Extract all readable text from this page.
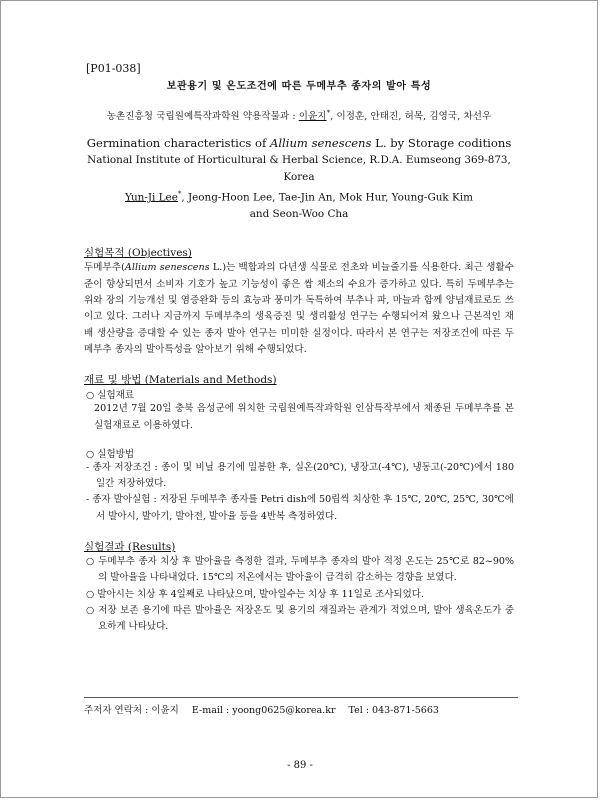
[P01-038]
보관용기 및 온도조건에 따른 두메부추 종자의 발아 특성
농촌진흥청 국립원예특작과학원 약용작물과 : 이윤지*, 이정훈, 안태진, 허목, 김영국, 차선우
Germination characteristics of Allium senescens L. by Storage coditions
National Institute of Horticultural & Herbal Science, R.D.A. Eumseong 369-873, Korea
Yun-Ji Lee*, Jeong-Hoon Lee, Tae-Jin An, Mok Hur, Young-Guk Kim
and Seon-Woo Cha
실험목적 (Objectives)
두메부추(Allium senescens L.)는 백합과의 다년생 식물로 전초와 비늘줄기를 식용한다. 최근 생활수준이 향상되면서 소비자 기호가 높고 기능성이 좋은 쌈 채소의 수요가 증가하고 있다. 특히 두메부추는 위와 장의 기능개선 및 염증완화 등의 효능과 풍미가 독특하여 부추나 파, 마늘과 함께 양념재료로도 쓰이고 있다. 그러나 지금까지 두메부추의 생육증진 및 생리활성 연구는 수행되어져 왔으나 근본적인 재배 생산량을 증대할 수 있는 종자 발아 연구는 미미한 실정이다. 따라서 본 연구는 저장조건에 따른 두메부추 종자의 발아특성을 알아보기 위해 수행되었다.
재료 및 방법 (Materials and Methods)
○ 실험재료
2012년 7월 20일 충북 음성군에 위치한 국립원예특작과학원 인삼특작부에서 채종된 두메부추를 본 실험재료로 이용하였다.
○ 실험방법
- 종자 저장조건 : 종이 및 비닐 용기에 밀봉한 후, 실온(20℃), 냉장고(-4℃), 냉동고(-20℃)에서 180일간 저장하였다.
- 종자 발아실험 : 저장된 두메부추 종자를 Petri dish에 50립씩 치상한 후 15℃, 20℃, 25℃, 30℃에서 발아시, 발아기, 발아전, 발아율 등을 4반복 측정하였다.
실험결과 (Results)
○ 두메부추 종자 치상 후 발아율을 측정한 결과, 두메부추 종자의 발아 적정 온도는 25℃로 82~90%의 발아율을 나타내었다. 15℃의 저온에서는 발아율이 급격히 감소하는 경향을 보였다.
○ 발아시는 치상 후 4일째로 나타났으며, 발아일수는 치상 후 11일로 조사되었다.
○ 저장 보존 용기에 따른 발아율은 저장온도 및 용기의 재질과는 관계가 적었으며, 발아 생육온도가 중요하게 나타났다.
주저자 연락처 : 이윤지 E-mail : yoong0625@korea.kr Tel : 043-871-5663
- 89 -
